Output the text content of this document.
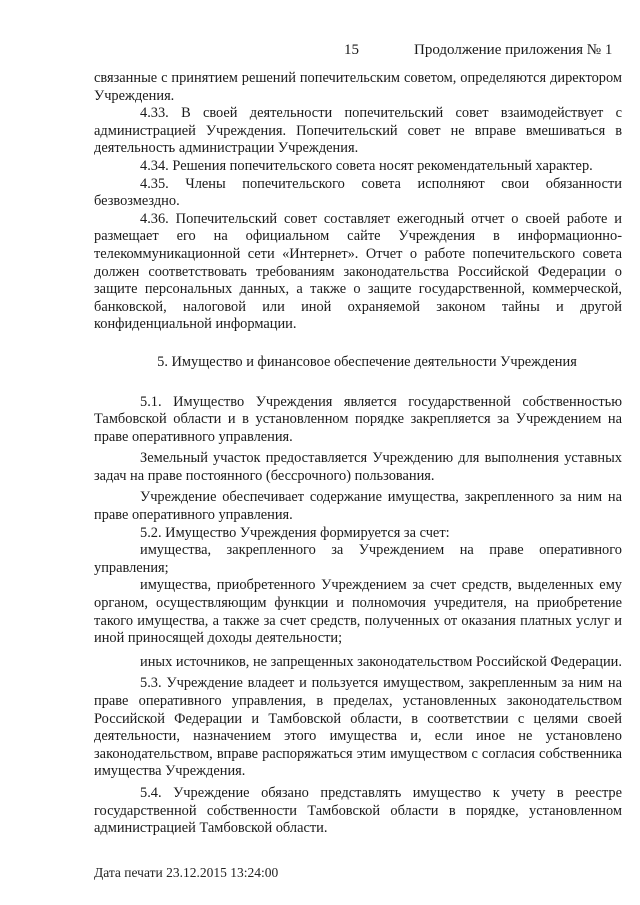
15	Продолжение приложения № 1

связанные с принятием решений попечительским советом, определяются директором Учреждения.

4.33. В своей деятельности попечительский совет взаимодействует с администрацией Учреждения. Попечительский совет не вправе вмешиваться в деятельность администрации Учреждения.

4.34. Решения попечительского совета носят рекомендательный характер.

4.35. Члены попечительского совета исполняют свои обязанности безвозмездно.

4.36. Попечительский совет составляет ежегодный отчет о своей работе и размещает его на официальном сайте Учреждения в информационно-телекоммуникационной сети «Интернет». Отчет о работе попечительского совета должен соответствовать требованиям законодательства Российской Федерации о защите персональных данных, а также о защите государственной, коммерческой, банковской, налоговой или иной охраняемой законом тайны и другой конфиденциальной информации.

5. Имущество и финансовое обеспечение деятельности Учреждения

5.1. Имущество Учреждения является государственной собственностью Тамбовской области и в установленном порядке закрепляется за Учреждением на праве оперативного управления.

Земельный участок предоставляется Учреждению для выполнения уставных задач на праве постоянного (бессрочного) пользования.

Учреждение обеспечивает содержание имущества, закрепленного за ним на праве оперативного управления.

5.2. Имущество Учреждения формируется за счет:

имущества, закрепленного за Учреждением на праве оперативного управления;

имущества, приобретенного Учреждением за счет средств, выделенных ему органом, осуществляющим функции и полномочия учредителя, на приобретение такого имущества, а также за счет средств, полученных от оказания платных услуг и иной приносящей доходы деятельности;

иных источников, не запрещенных законодательством Российской Федерации.

5.3. Учреждение владеет и пользуется имуществом, закрепленным за ним на праве оперативного управления, в пределах, установленных законодательством Российской Федерации и Тамбовской области, в соответствии с целями своей деятельности, назначением этого имущества и, если иное не установлено законодательством, вправе распоряжаться этим имуществом с согласия собственника имущества Учреждения.

5.4. Учреждение обязано представлять имущество к учету в реестре государственной собственности Тамбовской области в порядке, установленном администрацией Тамбовской области.

Дата печати 23.12.2015 13:24:00
